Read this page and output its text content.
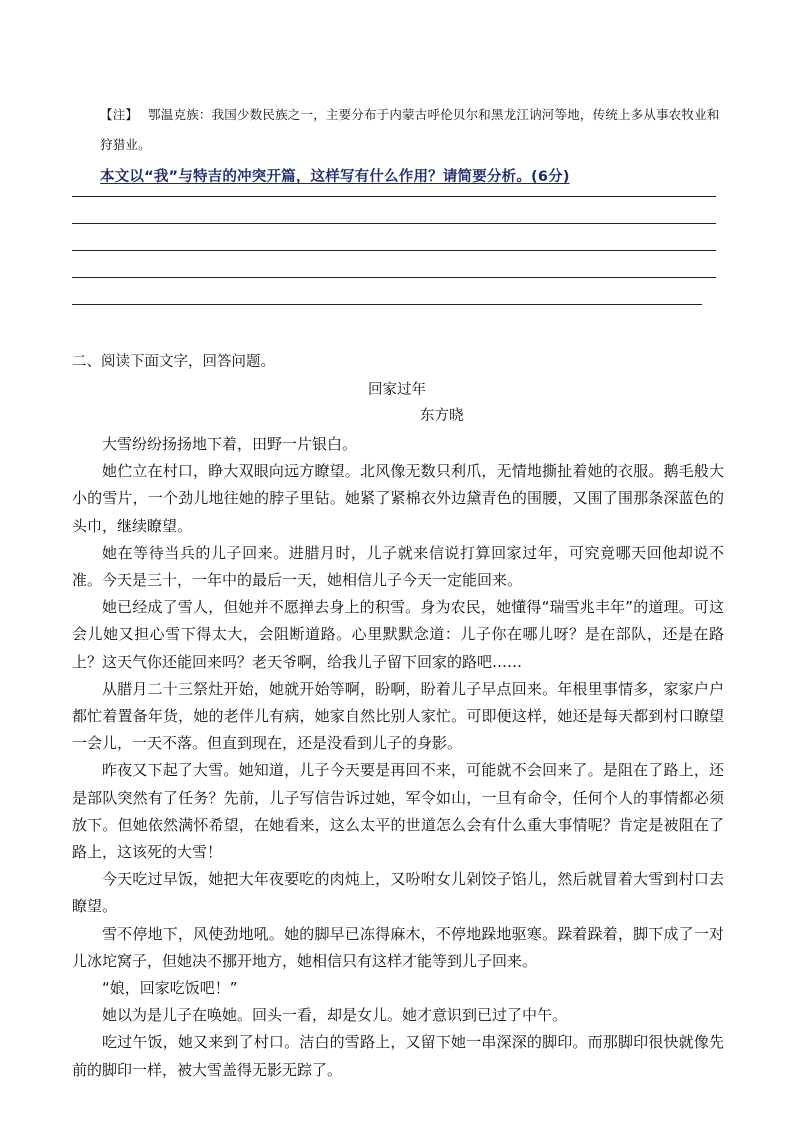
【注】 鄂温克族：我国少数民族之一，主要分布于内蒙古呼伦贝尔和黑龙江讷河等地，传统上多从事农牧业和狩猎业。
本文以“我”与特吉的冲突开篇，这样写有什么作用？请简要分析。(6分)
二、阅读下面文字，回答问题。
回家过年
东方晓

大雪纷纷扬扬地下着，田野一片银白。

她伫立在村口，睁大双眼向远方瞭望。北风像无数只利爪，无情地撕扯着她的衣服。鹅毛般大小的雪片，一个劲儿地往她的脖子里钻。她紧了紧棉衣外边黛青色的围腰，又围了围那条深蓝色的头巾，继续瞭望。

她在等待当兵的儿子回来。进腊月时，儿子就来信说打算回家过年，可究竟哪天回他却说不准。今天是三十，一年中的最后一天，她相信儿子今天一定能回来。

她已经成了雪人，但她并不愿掸去身上的积雪。身为农民，她懂得“瑞雪兆丰年”的道理。可这会儿她又担心雪下得太大，会阻断道路。心里默默念道：儿子你在哪儿呀？是在部队，还是在路上？这天气你还能回来吗？老天爷啊，给我儿子留下回家的路吧……

从腊月二十三祭灶开始，她就开始等啊，盼啊，盼着儿子早点回来。年根里事情多，家家户户都忙着置备年货，她的老伴儿有病，她家自然比别人家忙。可即便这样，她还是每天都到村口瞭望一会儿，一天不落。但直到现在，还是没看到儿子的身影。

昨夜又下起了大雪。她知道，儿子今天要是再回不来，可能就不会回来了。是阻在了路上，还是部队突然有了任务？先前，儿子写信告诉过她，军令如山，一旦有命令，任何个人的事情都必须放下。但她依然满怀希望，在她看来，这么太平的世道怎么会有什么重大事情呢？肯定是被阻在了路上，这该死的大雪！

今天吃过早饭，她把大年夜要吃的肉炖上，又吩咐女儿剁饺子馅儿，然后就冒着大雪到村口去瞭望。

雪不停地下，风使劲地吼。她的脚早已冻得麻木，不停地跺地驱寒。跺着跺着，脚下成了一对儿冰坨窝子，但她决不挪开地方，她相信只有这样才能等到儿子回来。

“娘，回家吃饭吧！”

她以为是儿子在唤她。回头一看，却是女儿。她才意识到已过了中午。

吃过午饭，她又来到了村口。洁白的雪路上，又留下她一串深深的脚印。而那脚印很快就像先前的脚印一样，被大雪盖得无影无踪了。
